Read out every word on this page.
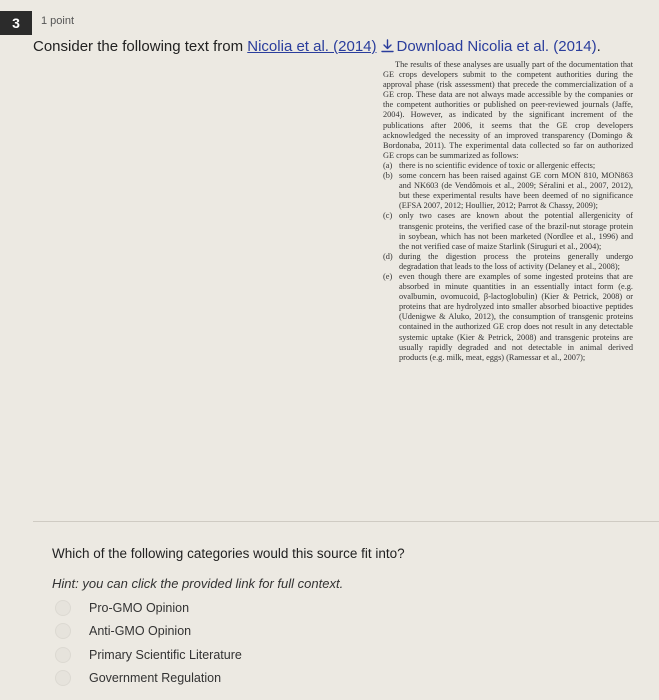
3	1 point
Consider the following text from Nicolia et al. (2014) Download Nicolia et al. (2014).

The results of these analyses are usually part of the documentation that GE crops developers submit to the competent authorities during the approval phase (risk assessment) that precede the commercialization of a GE crop. These data are not always made accessible by the companies or the competent authorities or published on peer-reviewed journals (Jaffe, 2004). However, as indicated by the significant increment of the publications after 2006, it seems that the GE crop developers acknowledged the necessity of an improved transparency (Domingo & Bordonaba, 2011). The experimental data collected so far on authorized GE crops can be summarized as follows:

(a) there is no scientific evidence of toxic or allergenic effects;
(b) some concern has been raised against GE corn MON 810, MON863 and NK603 (de Vendômois et al., 2009; Séralini et al., 2007, 2012), but these experimental results have been deemed of no significance (EFSA 2007, 2012; Houllier, 2012; Parrot & Chassy, 2009);
(c) only two cases are known about the potential allergenicity of transgenic proteins, the verified case of the brazil-nut storage protein in soybean, which has not been marketed (Nordlee et al., 1996) and the not verified case of maize Starlink (Siruguri et al., 2004);
(d) during the digestion process the proteins generally undergo degradation that leads to the loss of activity (Delaney et al., 2008);
(e) even though there are examples of some ingested proteins that are absorbed in minute quantities in an essentially intact form (e.g. ovalbumin, ovomucoid, β-lactoglobulin) (Kier & Petrick, 2008) or proteins that are hydrolyzed into smaller absorbed bioactive peptides (Udenigwe & Aluko, 2012), the consumption of transgenic proteins contained in the authorized GE crop does not result in any detectable systemic uptake (Kier & Petrick, 2008) and transgenic proteins are usually rapidly degraded and not detectable in animal derived products (e.g. milk, meat, eggs) (Ramessar et al., 2007);
Which of the following categories would this source fit into?
Hint: you can click the provided link for full context.
Pro-GMO Opinion
Anti-GMO Opinion
Primary Scientific Literature
Government Regulation
